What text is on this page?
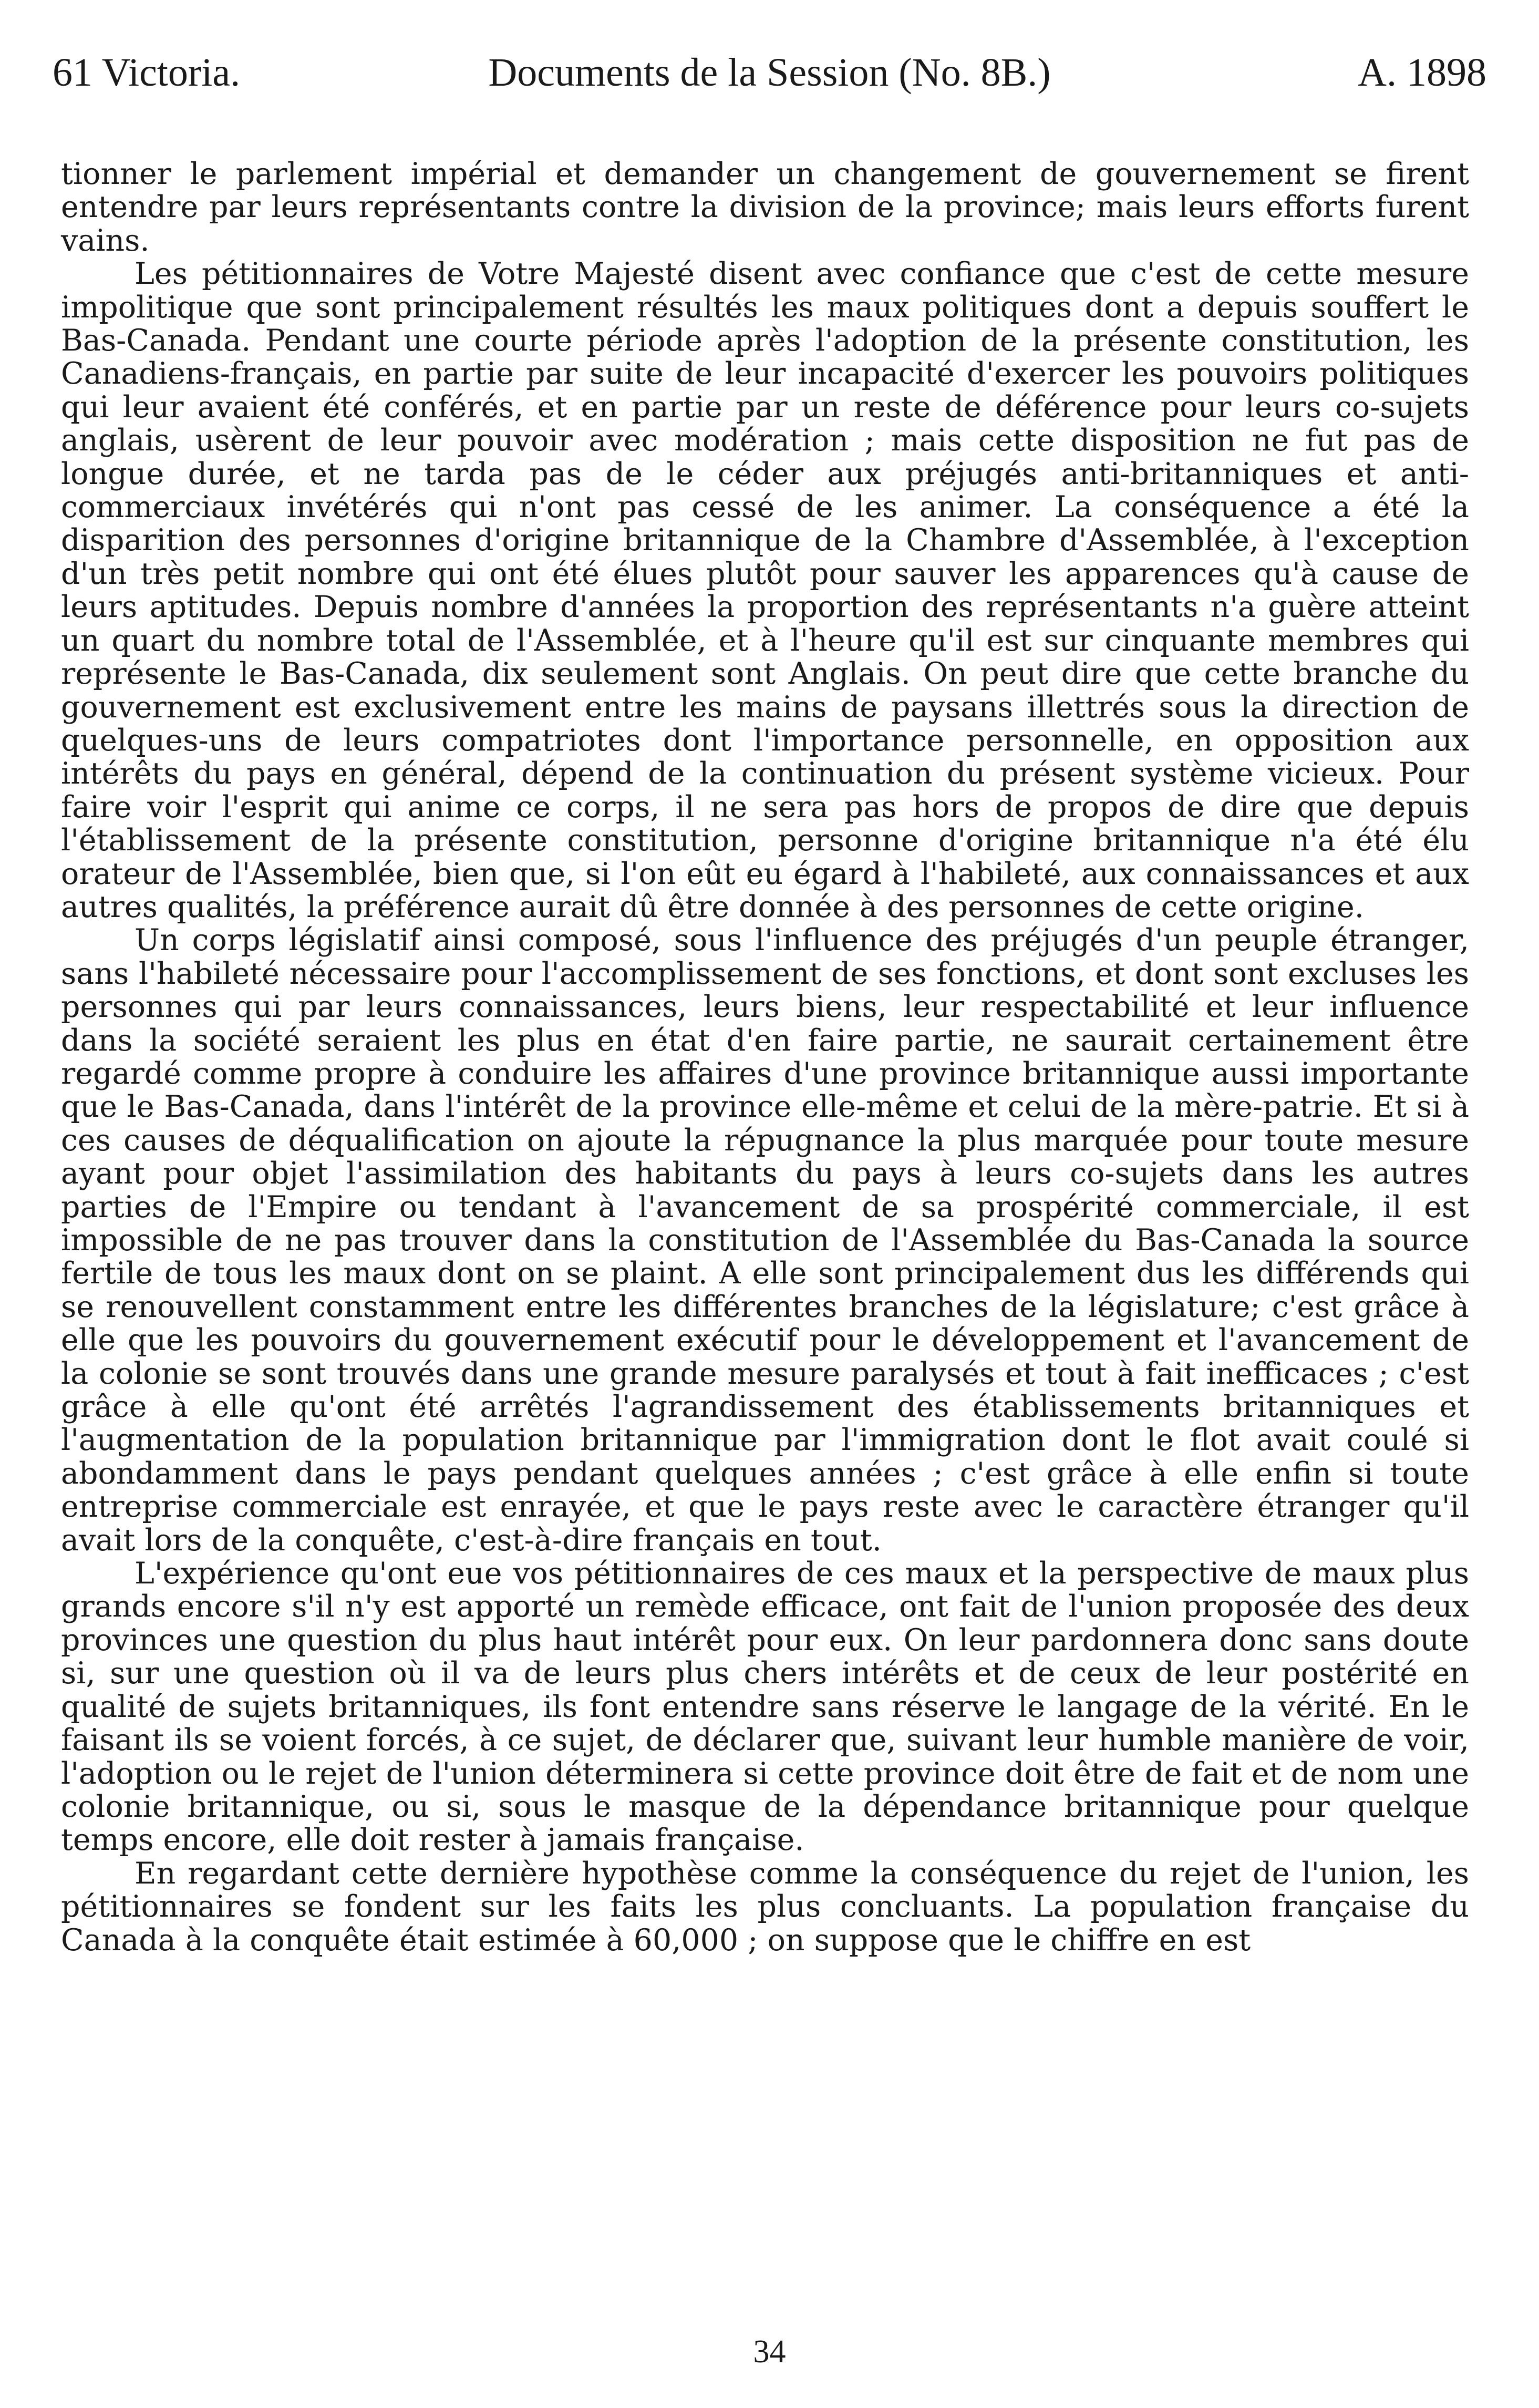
61 Victoria.	Documents de la Session (No. 8B.)	A. 1898

tionner le parlement impérial et demander un changement de gouvernement se firent entendre par leurs représentants contre la division de la province; mais leurs efforts furent vains.

Les pétitionnaires de Votre Majesté disent avec confiance que c'est de cette mesure impolitique que sont principalement résultés les maux politiques dont a depuis souffert le Bas-Canada. Pendant une courte période après l'adoption de la présente constitution, les Canadiens-français, en partie par suite de leur incapacité d'exercer les pouvoirs politiques qui leur avaient été conférés, et en partie par un reste de déférence pour leurs co-sujets anglais, usèrent de leur pouvoir avec modération ; mais cette disposition ne fut pas de longue durée, et ne tarda pas de le céder aux préjugés anti-britanniques et anti-commerciaux invétérés qui n'ont pas cessé de les animer. La conséquence a été la disparition des personnes d'origine britannique de la Chambre d'Assemblée, à l'exception d'un très petit nombre qui ont été élues plutôt pour sauver les apparences qu'à cause de leurs aptitudes. Depuis nombre d'années la proportion des représentants n'a guère atteint un quart du nombre total de l'Assemblée, et à l'heure qu'il est sur cinquante membres qui représente le Bas-Canada, dix seulement sont Anglais. On peut dire que cette branche du gouvernement est exclusivement entre les mains de paysans illettrés sous la direction de quelques-uns de leurs compatriotes dont l'importance personnelle, en opposition aux intérêts du pays en général, dépend de la continuation du présent système vicieux. Pour faire voir l'esprit qui anime ce corps, il ne sera pas hors de propos de dire que depuis l'établissement de la présente constitution, personne d'origine britannique n'a été élu orateur de l'Assemblée, bien que, si l'on eût eu égard à l'habileté, aux connaissances et aux autres qualités, la préférence aurait dû être donnée à des personnes de cette origine.

Un corps législatif ainsi composé, sous l'influence des préjugés d'un peuple étranger, sans l'habileté nécessaire pour l'accomplissement de ses fonctions, et dont sont excluses les personnes qui par leurs connaissances, leurs biens, leur respectabilité et leur influence dans la société seraient les plus en état d'en faire partie, ne saurait certainement être regardé comme propre à conduire les affaires d'une province britannique aussi importante que le Bas-Canada, dans l'intérêt de la province elle-même et celui de la mère-patrie. Et si à ces causes de déqualification on ajoute la répugnance la plus marquée pour toute mesure ayant pour objet l'assimilation des habitants du pays à leurs co-sujets dans les autres parties de l'Empire ou tendant à l'avancement de sa prospérité commerciale, il est impossible de ne pas trouver dans la constitution de l'Assemblée du Bas-Canada la source fertile de tous les maux dont on se plaint. A elle sont principalement dus les différends qui se renouvellent constamment entre les différentes branches de la législature; c'est grâce à elle que les pouvoirs du gouvernement exécutif pour le développement et l'avancement de la colonie se sont trouvés dans une grande mesure paralysés et tout à fait inefficaces ; c'est grâce à elle qu'ont été arrêtés l'agrandissement des établissements britanniques et l'augmentation de la population britannique par l'immigration dont le flot avait coulé si abondamment dans le pays pendant quelques années ; c'est grâce à elle enfin si toute entreprise commerciale est enrayée, et que le pays reste avec le caractère étranger qu'il avait lors de la conquête, c'est-à-dire français en tout.

L'expérience qu'ont eue vos pétitionnaires de ces maux et la perspective de maux plus grands encore s'il n'y est apporté un remède efficace, ont fait de l'union proposée des deux provinces une question du plus haut intérêt pour eux. On leur pardonnera donc sans doute si, sur une question où il va de leurs plus chers intérêts et de ceux de leur postérité en qualité de sujets britanniques, ils font entendre sans réserve le langage de la vérité. En le faisant ils se voient forcés, à ce sujet, de déclarer que, suivant leur humble manière de voir, l'adoption ou le rejet de l'union déterminera si cette province doit être de fait et de nom une colonie britannique, ou si, sous le masque de la dépendance britannique pour quelque temps encore, elle doit rester à jamais française.

En regardant cette dernière hypothèse comme la conséquence du rejet de l'union, les pétitionnaires se fondent sur les faits les plus concluants. La population française du Canada à la conquête était estimée à 60,000 ; on suppose que le chiffre en est

34
